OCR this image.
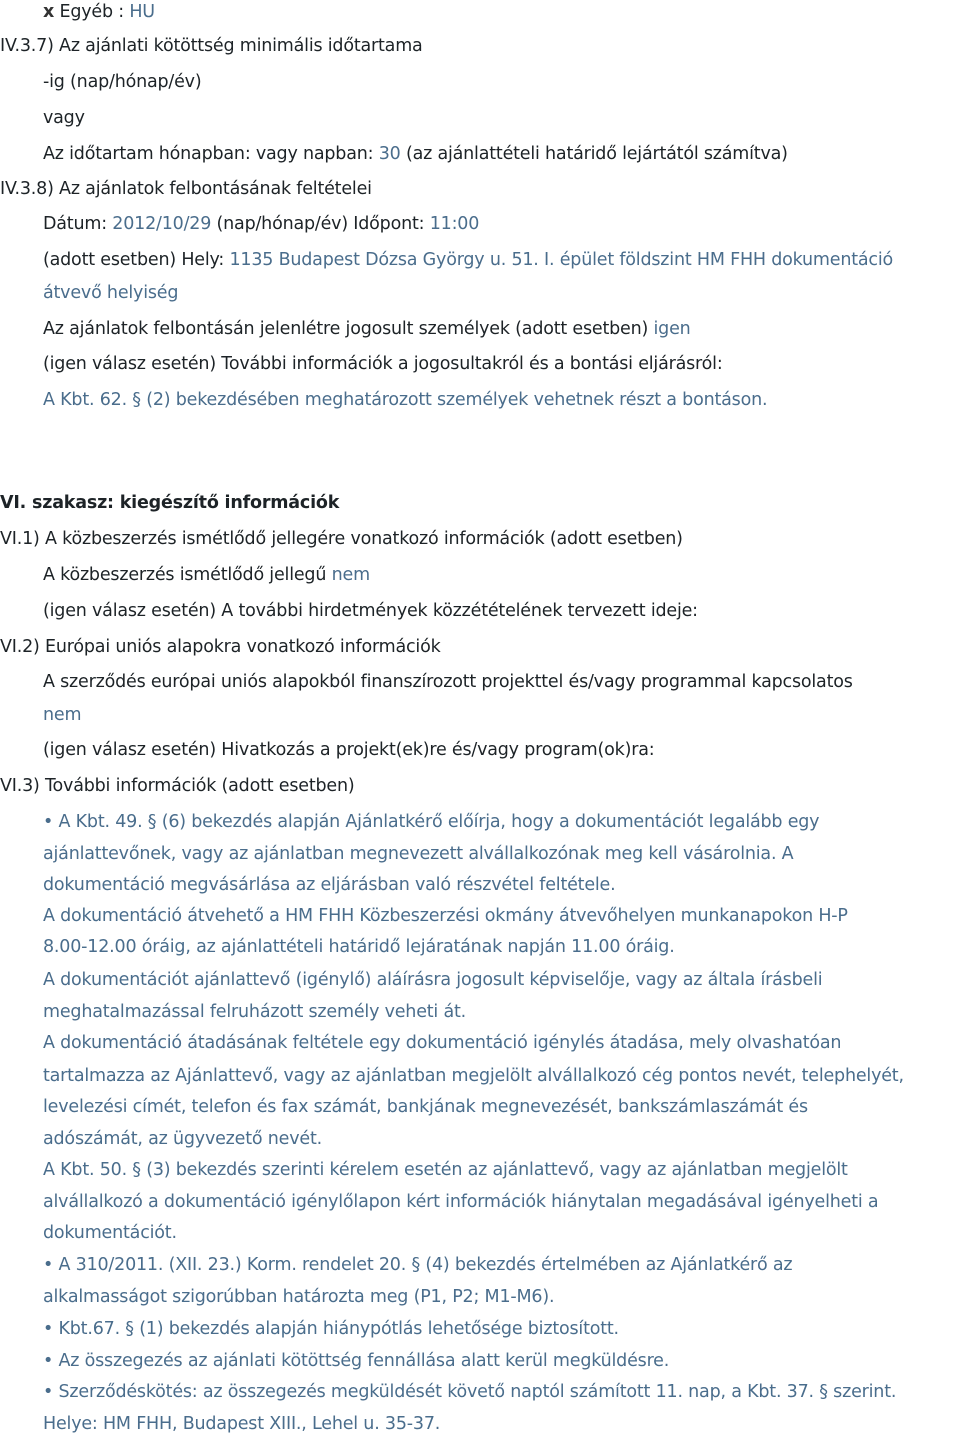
x Egyéb : HU
IV.3.7) Az ajánlati kötöttség minimális időtartama
-ig (nap/hónap/év)
vagy
Az időtartam hónapban: vagy napban: 30 (az ajánlattételi határidő lejártától számítva)
IV.3.8) Az ajánlatok felbontásának feltételei
Dátum: 2012/10/29 (nap/hónap/év) Időpont: 11:00
(adott esetben) Hely: 1135 Budapest Dózsa György u. 51. I. épület földszint HM FHH dokumentáció
átvevő helyiség
Az ajánlatok felbontásán jelenlétre jogosult személyek (adott esetben) igen
(igen válasz esetén) További információk a jogosultakról és a bontási eljárásról:
A Kbt. 62. § (2) bekezdésében meghatározott személyek vehetnek részt a bontáson.
VI. szakasz: kiegészítő információk
VI.1) A közbeszerzés ismétlődő jellegére vonatkozó információk (adott esetben)
A közbeszerzés ismétlődő jellegű nem
(igen válasz esetén) A további hirdetmények közzétételének tervezett ideje:
VI.2) Európai uniós alapokra vonatkozó információk
A szerződés európai uniós alapokból finanszírozott projekttel és/vagy programmal kapcsolatos
nem
(igen válasz esetén) Hivatkozás a projekt(ek)re és/vagy program(ok)ra:
VI.3) További információk (adott esetben)
• A Kbt. 49. § (6) bekezdés alapján Ajánlatkérő előírja, hogy a dokumentációt legalább egy
ajánlattevőnek, vagy az ajánlatban megnevezett alvállalkozónak meg kell vásárolnia. A
dokumentáció megvásárlása az eljárásban való részvétel feltétele.
A dokumentáció átvehető a HM FHH Közbeszerzési okmány átvevőhelyen munkanapokon H-P
8.00-12.00 óráig, az ajánlattételi határidő lejáratának napján 11.00 óráig.
A dokumentációt ajánlattevő (igénylő) aláírásra jogosult képviselője, vagy az általa írásbeli
meghatalmazással felruházott személy veheti át.
A dokumentáció átadásának feltétele egy dokumentáció igénylés átadása, mely olvashatóan
tartalmazza az Ajánlattevő, vagy az ajánlatban megjelölt alvállalkozó cég pontos nevét, telephelyét,
levelezési címét, telefon és fax számát, bankjának megnevezését, bankszámlaszámát és
adószámát, az ügyvezető nevét.
A Kbt. 50. § (3) bekezdés szerinti kérelem esetén az ajánlattevő, vagy az ajánlatban megjelölt
alvállalkozó a dokumentáció igénylőlapon kért információk hiánytalan megadásával igényelheti a
dokumentációt.
• A 310/2011. (XII. 23.) Korm. rendelet 20. § (4) bekezdés értelmében az Ajánlatkérő az
alkalmasságot szigorúbban határozta meg (P1, P2; M1-M6).
• Kbt.67. § (1) bekezdés alapján hiánypótlás lehetősége biztosított.
• Az összegezés az ajánlati kötöttség fennállása alatt kerül megküldésre.
• Szerződéskötés: az összegezés megküldését követő naptól számított 11. nap, a Kbt. 37. § szerint.
Helye: HM FHH, Budapest XIII., Lehel u. 35-37.
